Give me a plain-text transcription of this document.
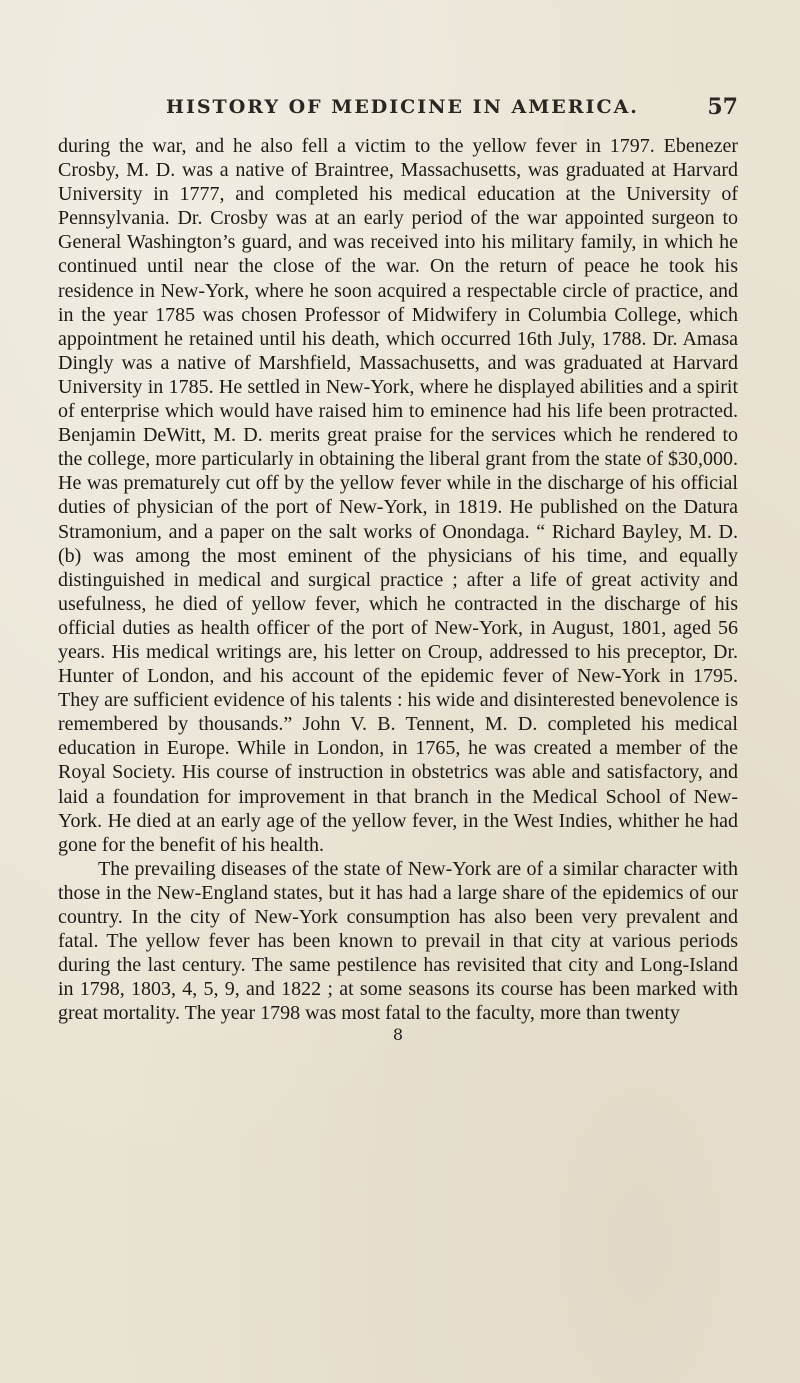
HISTORY OF MEDICINE IN AMERICA.	57

during the war, and he also fell a victim to the yellow fever in 1797. Ebenezer Crosby, M. D. was a native of Braintree, Massachusetts, was graduated at Harvard University in 1777, and completed his medical education at the University of Pennsylvania. Dr. Crosby was at an early period of the war appointed surgeon to General Washington’s guard, and was received into his military family, in which he continued until near the close of the war. On the return of peace he took his residence in New-York, where he soon acquired a respectable circle of practice, and in the year 1785 was chosen Professor of Midwifery in Columbia College, which appointment he retained until his death, which occurred 16th July, 1788. Dr. Amasa Dingly was a native of Marshfield, Massachusetts, and was graduated at Harvard University in 1785. He settled in New-York, where he displayed abilities and a spirit of enterprise which would have raised him to eminence had his life been protracted. Benjamin DeWitt, M. D. merits great praise for the services which he rendered to the college, more particularly in obtaining the liberal grant from the state of $30,000. He was prematurely cut off by the yellow fever while in the discharge of his official duties of physician of the port of New-York, in 1819. He published on the Datura Stramonium, and a paper on the salt works of Onondaga. “ Richard Bayley, M. D. (b) was among the most eminent of the physicians of his time, and equally distinguished in medical and surgical practice ; after a life of great activity and usefulness, he died of yellow fever, which he contracted in the discharge of his official duties as health officer of the port of New-York, in August, 1801, aged 56 years. His medical writings are, his letter on Croup, addressed to his preceptor, Dr. Hunter of London, and his account of the epidemic fever of New-York in 1795. They are sufficient evidence of his talents : his wide and disinterested benevolence is remembered by thousands.” John V. B. Tennent, M. D. completed his medical education in Europe. While in London, in 1765, he was created a member of the Royal Society. His course of instruction in obstetrics was able and satisfactory, and laid a foundation for improvement in that branch in the Medical School of New-York. He died at an early age of the yellow fever, in the West Indies, whither he had gone for the benefit of his health.

The prevailing diseases of the state of New-York are of a similar character with those in the New-England states, but it has had a large share of the epidemics of our country. In the city of New-York consumption has also been very prevalent and fatal. The yellow fever has been known to prevail in that city at various periods during the last century. The same pestilence has revisited that city and Long-Island in 1798, 1803, 4, 5, 9, and 1822 ; at some seasons its course has been marked with great mortality. The year 1798 was most fatal to the faculty, more than twenty

8
